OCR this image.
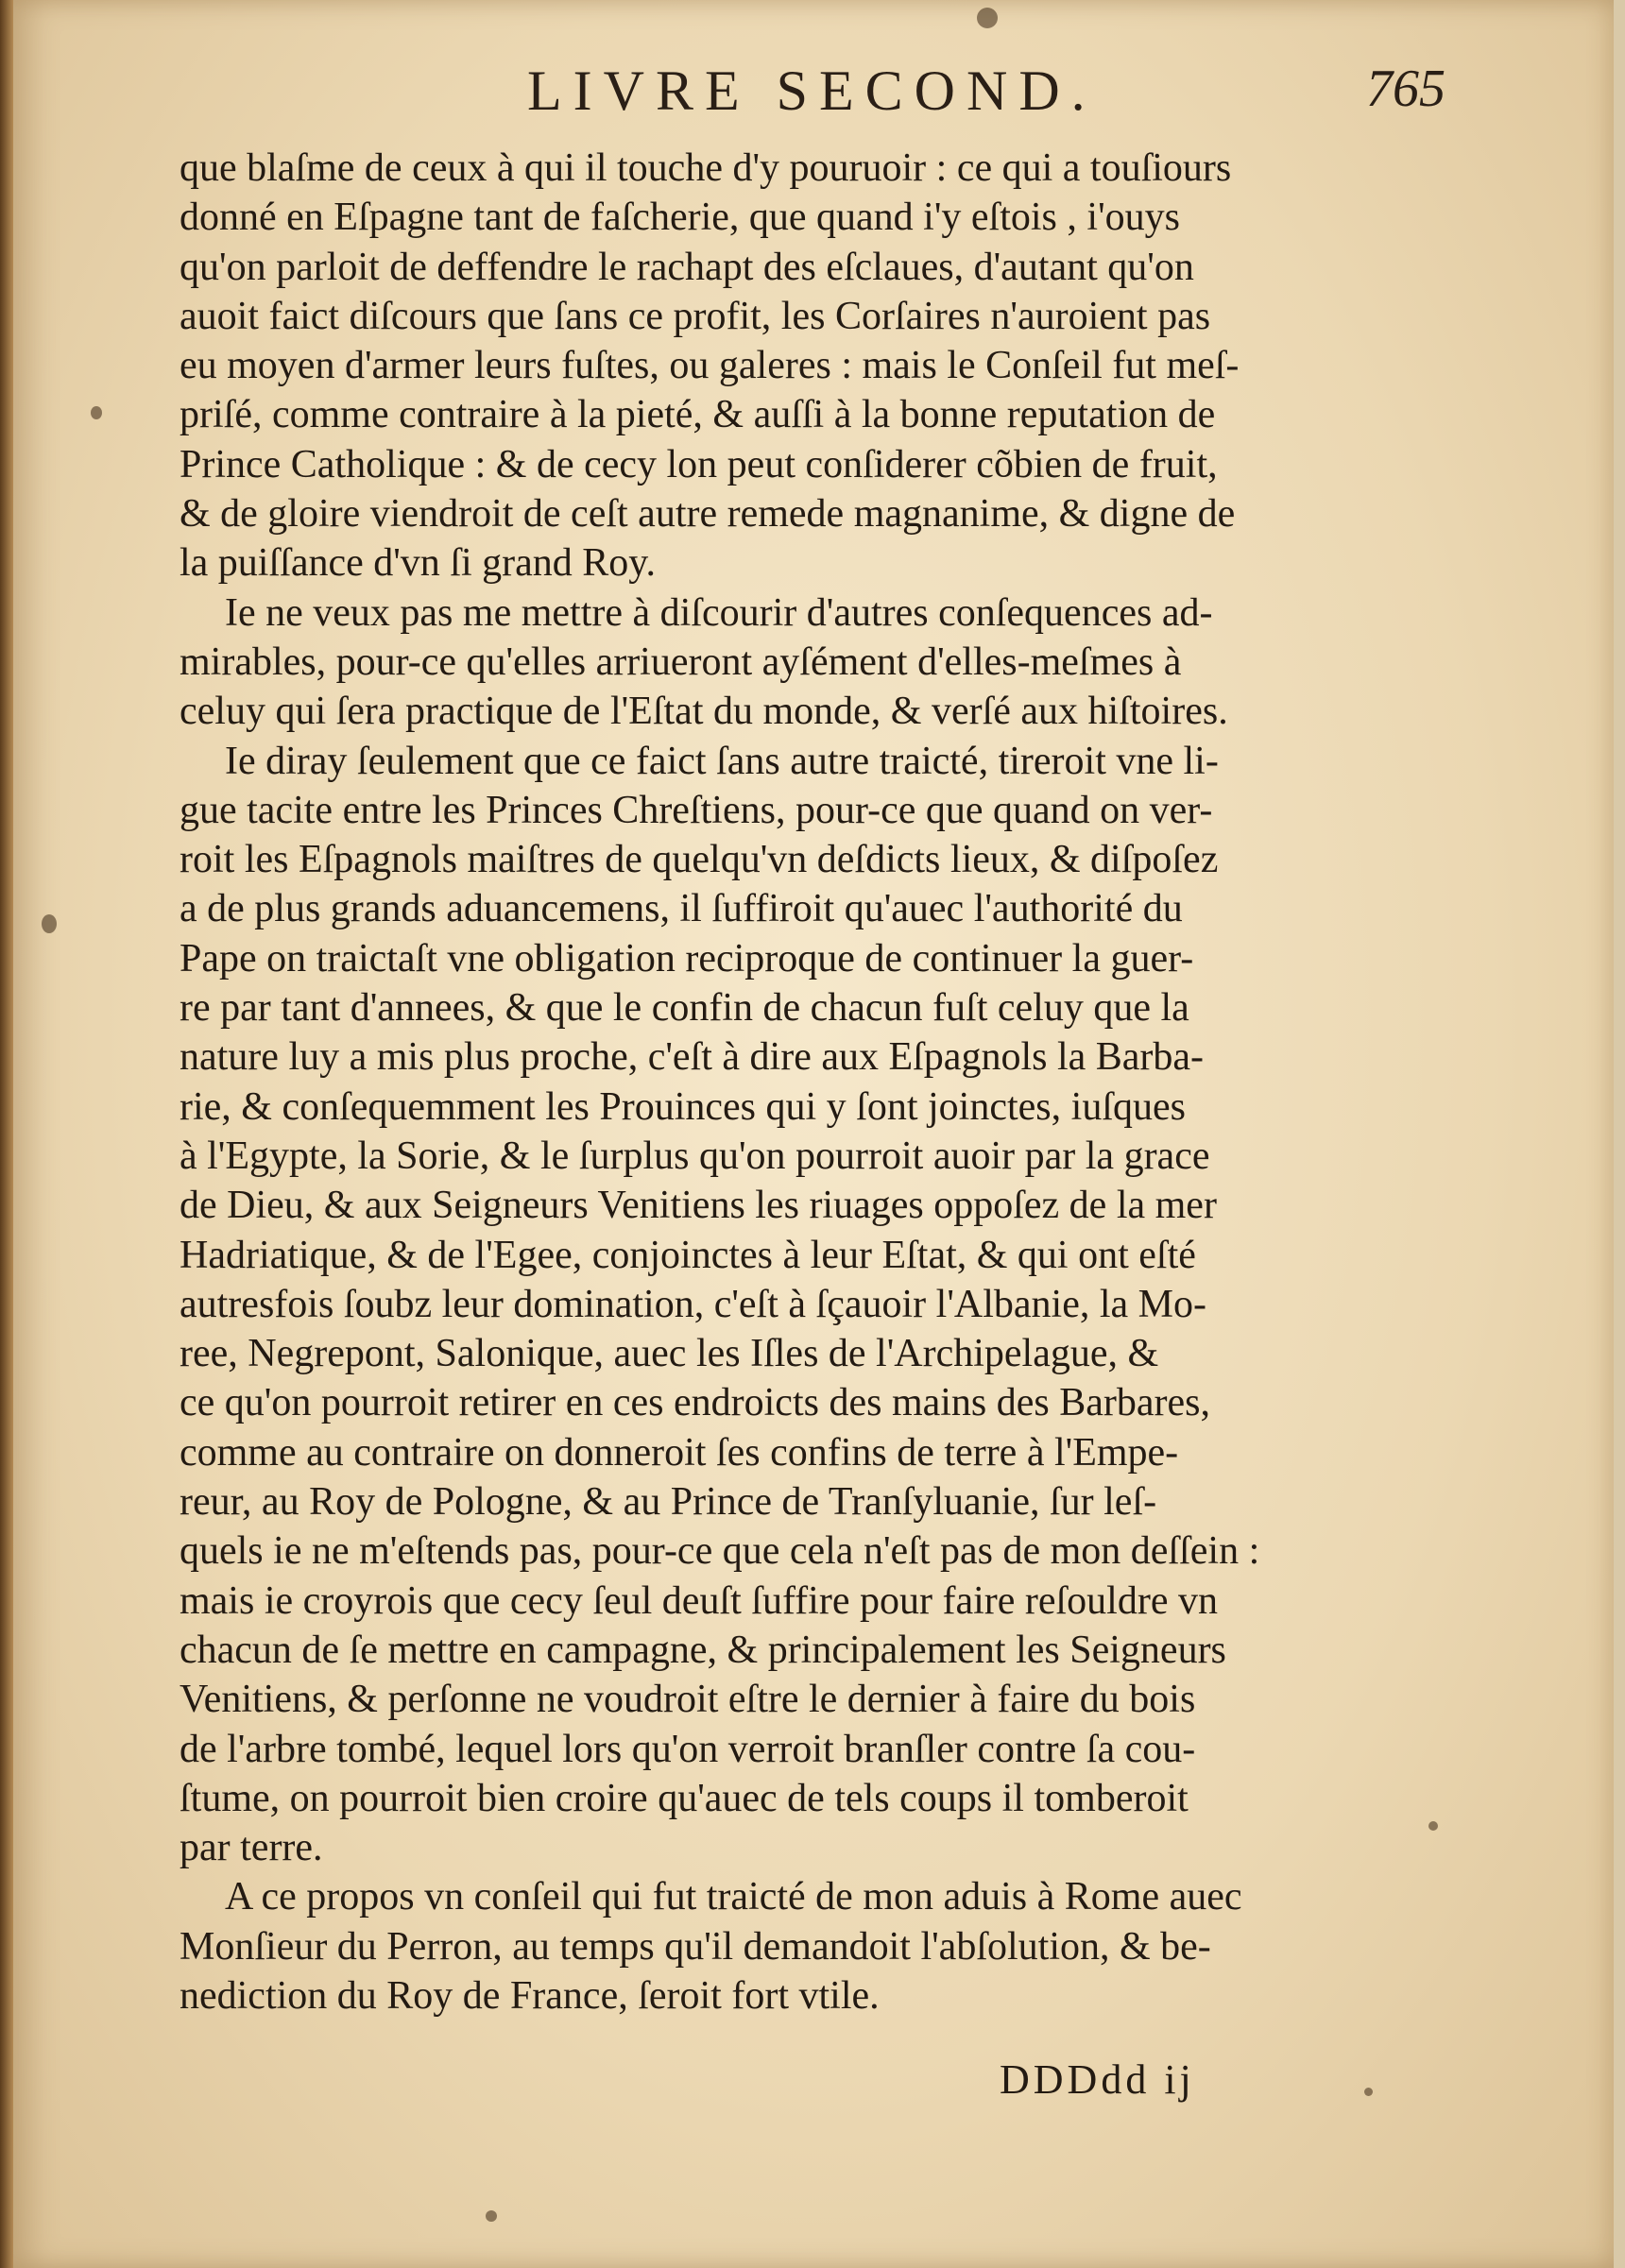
LIVRE SECOND.	765
que blaſme de ceux à qui il touche d'y pouruoir : ce qui a touſiours
donné en Eſpagne tant de faſcherie, que quand i'y eſtois , i'ouys
qu'on parloit de deffendre le rachapt des eſclaues, d'autant qu'on
auoit faict diſcours que ſans ce profit, les Corſaires n'auroient pas
eu moyen d'armer leurs fuſtes, ou galeres : mais le Conſeil fut meſ-
priſé, comme contraire à la pieté, & auſſi à la bonne reputation de
Prince Catholique : & de cecy lon peut conſiderer cõbien de fruit,
& de gloire viendroit de ceſt autre remede magnanime, & digne de
la puiſſance d'vn ſi grand Roy.
Ie ne veux pas me mettre à diſcourir d'autres conſequences ad-
mirables, pour-ce qu'elles arriueront ayſément d'elles-meſmes à
celuy qui ſera practique de l'Eſtat du monde, & verſé aux hiſtoires.
Ie diray ſeulement que ce faict ſans autre traicté, tireroit vne li-
gue tacite entre les Princes Chreſtiens, pour-ce que quand on ver-
roit les Eſpagnols maiſtres de quelqu'vn deſdicts lieux, & diſpoſez
a de plus grands aduancemens, il ſuffiroit qu'auec l'authorité du
Pape on traictaſt vne obligation reciproque de continuer la guer-
re par tant d'annees, & que le confin de chacun fuſt celuy que la
nature luy a mis plus proche, c'eſt à dire aux Eſpagnols la Barba-
rie, & conſequemment les Prouinces qui y ſont joinctes, iuſques
à l'Egypte, la Sorie, & le ſurplus qu'on pourroit auoir par la grace
de Dieu, & aux Seigneurs Venitiens les riuages oppoſez de la mer
Hadriatique, & de l'Egee, conjoinctes à leur Eſtat, & qui ont eſté
autresfois ſoubz leur domination, c'eſt à ſçauoir l'Albanie, la Mo-
ree, Negrepont, Salonique, auec les Iſles de l'Archipelague, &
ce qu'on pourroit retirer en ces endroicts des mains des Barbares,
comme au contraire on donneroit ſes confins de terre à l'Empe-
reur, au Roy de Pologne, & au Prince de Tranſyluanie, ſur leſ-
quels ie ne m'eſtends pas, pour-ce que cela n'eſt pas de mon deſſein :
mais ie croyrois que cecy ſeul deuſt ſuffire pour faire reſouldre vn
chacun de ſe mettre en campagne, & principalement les Seigneurs
Venitiens, & perſonne ne voudroit eſtre le dernier à faire du bois
de l'arbre tombé, lequel lors qu'on verroit branſler contre ſa cou-
ſtume, on pourroit bien croire qu'auec de tels coups il tomberoit
par terre.
A ce propos vn conſeil qui fut traicté de mon aduis à Rome auec
Monſieur du Perron, au temps qu'il demandoit l'abſolution, & be-
nediction du Roy de France, ſeroit fort vtile.
DDDdd ij
